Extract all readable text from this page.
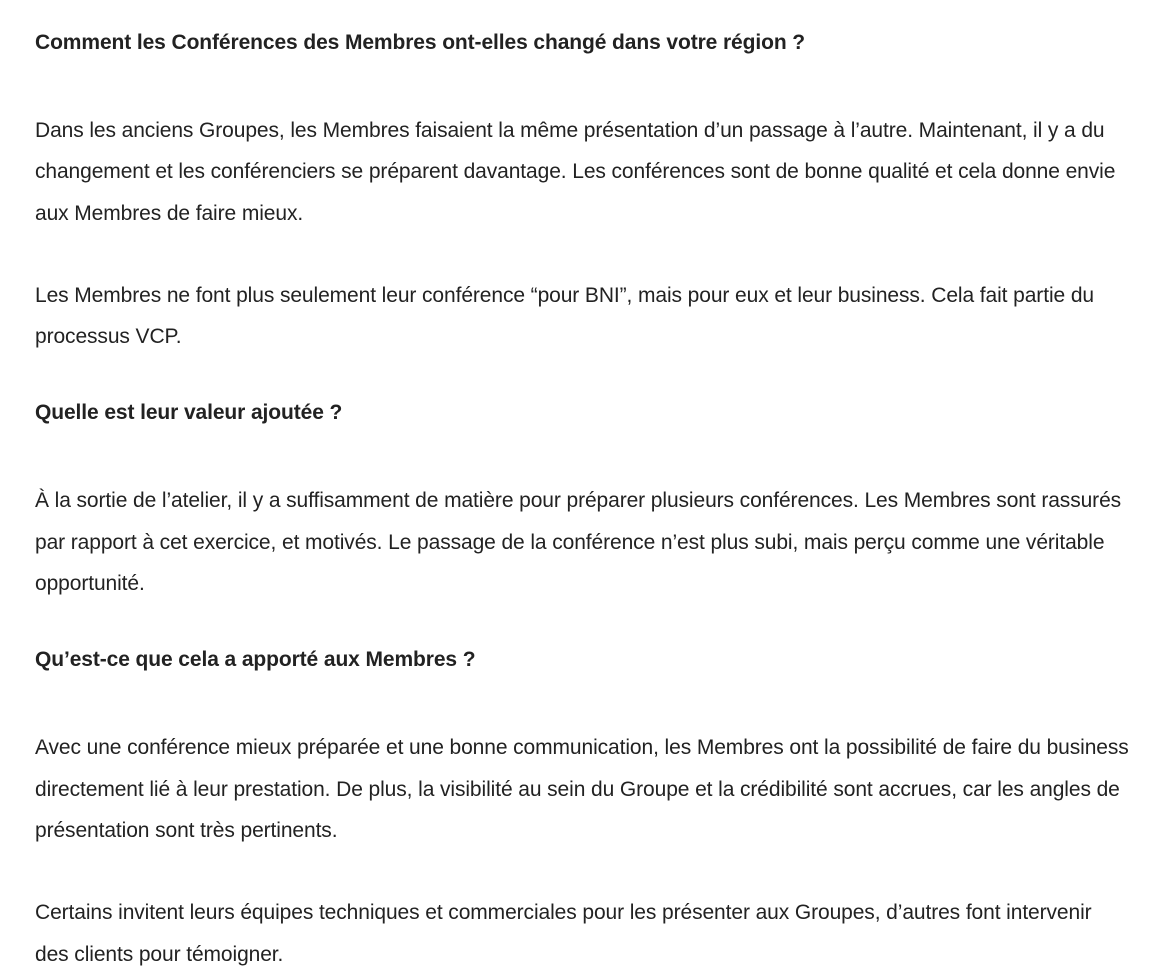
Comment les Conférences des Membres ont-elles changé dans votre région ?

Dans les anciens Groupes, les Membres faisaient la même présentation d’un passage à l’autre. Maintenant, il y a du changement et les conférenciers se préparent davantage. Les conférences sont de bonne qualité et cela donne envie aux Membres de faire mieux.

Les Membres ne font plus seulement leur conférence “pour BNI”, mais pour eux et leur business. Cela fait partie du processus VCP.

Quelle est leur valeur ajoutée ?

À la sortie de l’atelier, il y a suffisamment de matière pour préparer plusieurs conférences. Les Membres sont rassurés par rapport à cet exercice, et motivés. Le passage de la conférence n’est plus subi, mais perçu comme une véritable opportunité.

Qu’est-ce que cela a apporté aux Membres ?

Avec une conférence mieux préparée et une bonne communication, les Membres ont la possibilité de faire du business directement lié à leur prestation. De plus, la visibilité au sein du Groupe et la crédibilité sont accrues, car les angles de présentation sont très pertinents.

Certains invitent leurs équipes techniques et commerciales pour les présenter aux Groupes, d’autres font intervenir des clients pour témoigner.
